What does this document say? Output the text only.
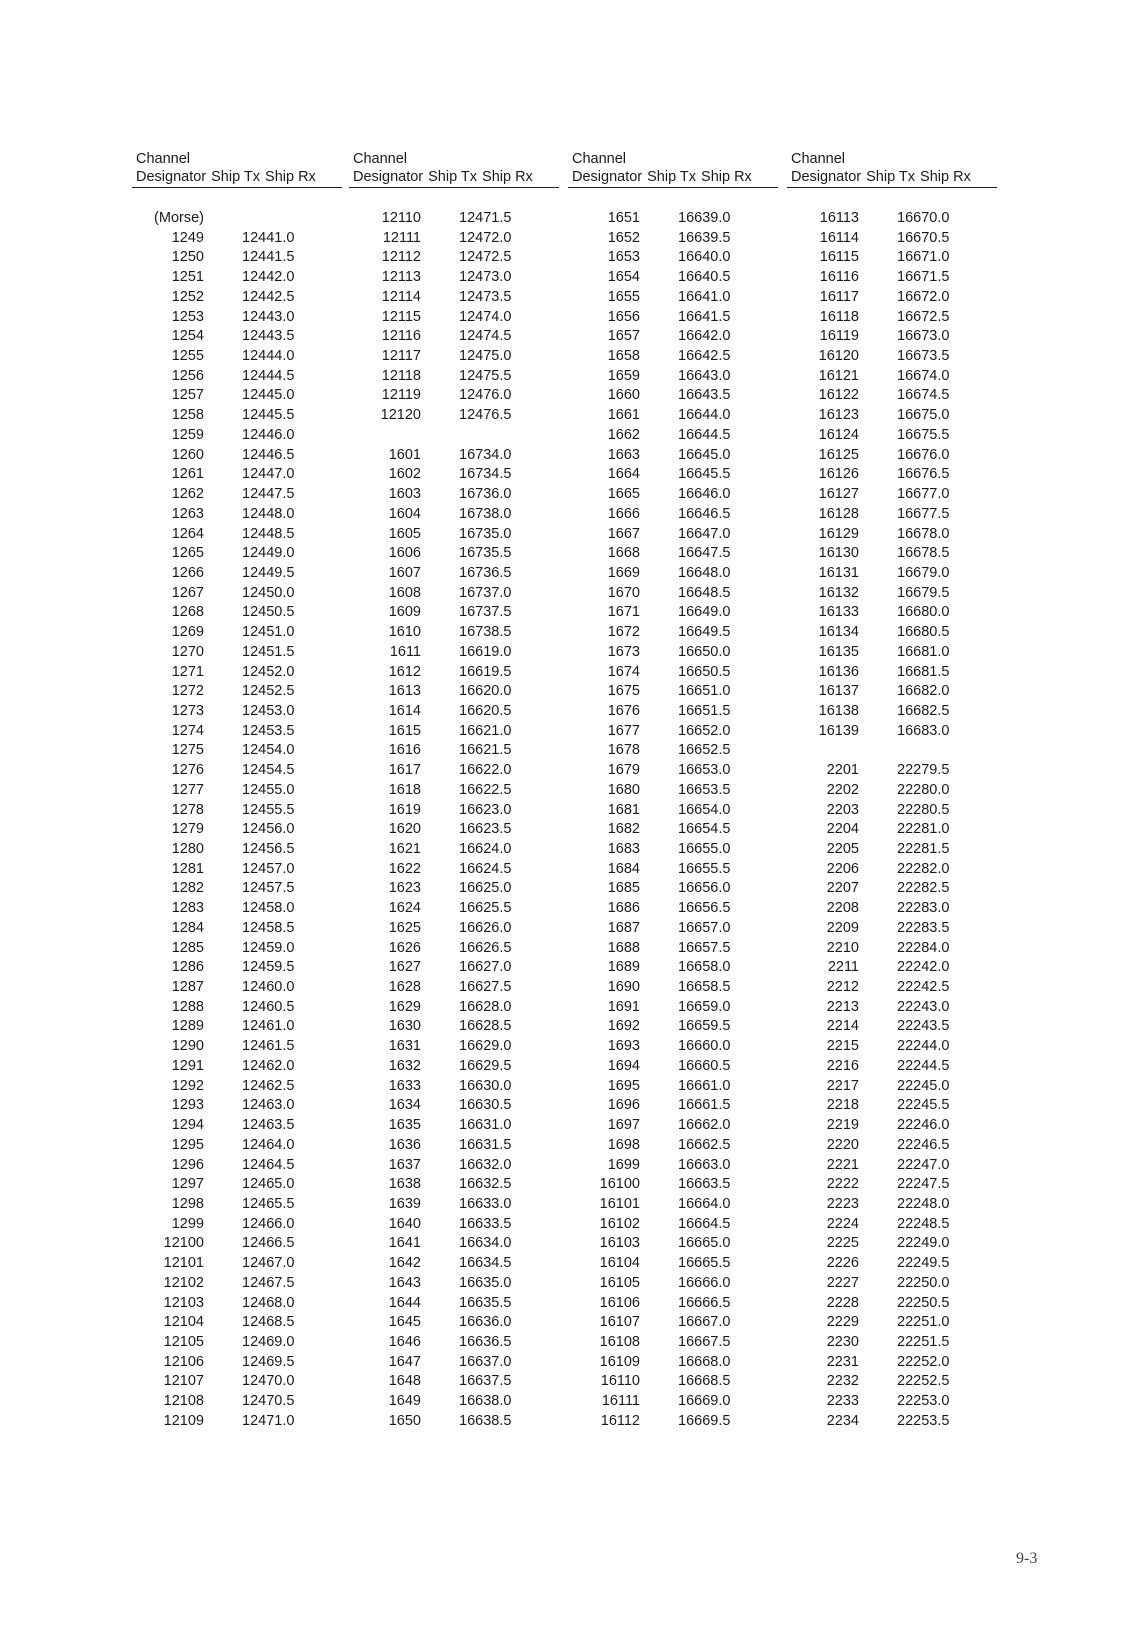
Channel
Designator Ship Tx Ship Rx
(Morse)
1249	12441.0
1250	12441.5
1251	12442.0
1252	12442.5
1253	12443.0
1254	12443.5
1255	12444.0
1256	12444.5
1257	12445.0
1258	12445.5
1259	12446.0
1260	12446.5
1261	12447.0
1262	12447.5
1263	12448.0
1264	12448.5
1265	12449.0
1266	12449.5
1267	12450.0
1268	12450.5
1269	12451.0
1270	12451.5
1271	12452.0
1272	12452.5
1273	12453.0
1274	12453.5
1275	12454.0
1276	12454.5
1277	12455.0
1278	12455.5
1279	12456.0
1280	12456.5
1281	12457.0
1282	12457.5
1283	12458.0
1284	12458.5
1285	12459.0
1286	12459.5
1287	12460.0
1288	12460.5
1289	12461.0
1290	12461.5
1291	12462.0
1292	12462.5
1293	12463.0
1294	12463.5
1295	12464.0
1296	12464.5
1297	12465.0
1298	12465.5
1299	12466.0
12100	12466.5
12101	12467.0
12102	12467.5
12103	12468.0
12104	12468.5
12105	12469.0
12106	12469.5
12107	12470.0
12108	12470.5
12109	12471.0
Channel
Designator Ship Tx Ship Rx
12110	12471.5
12111	12472.0
12112	12472.5
12113	12473.0
12114	12473.5
12115	12474.0
12116	12474.5
12117	12475.0
12118	12475.5
12119	12476.0
12120	12476.5
1601	16734.0
1602	16734.5
1603	16736.0
1604	16738.0
1605	16735.0
1606	16735.5
1607	16736.5
1608	16737.0
1609	16737.5
1610	16738.5
1611	16619.0
1612	16619.5
1613	16620.0
1614	16620.5
1615	16621.0
1616	16621.5
1617	16622.0
1618	16622.5
1619	16623.0
1620	16623.5
1621	16624.0
1622	16624.5
1623	16625.0
1624	16625.5
1625	16626.0
1626	16626.5
1627	16627.0
1628	16627.5
1629	16628.0
1630	16628.5
1631	16629.0
1632	16629.5
1633	16630.0
1634	16630.5
1635	16631.0
1636	16631.5
1637	16632.0
1638	16632.5
1639	16633.0
1640	16633.5
1641	16634.0
1642	16634.5
1643	16635.0
1644	16635.5
1645	16636.0
1646	16636.5
1647	16637.0
1648	16637.5
1649	16638.0
1650	16638.5
Channel
Designator Ship Tx Ship Rx
1651	16639.0
1652	16639.5
1653	16640.0
1654	16640.5
1655	16641.0
1656	16641.5
1657	16642.0
1658	16642.5
1659	16643.0
1660	16643.5
1661	16644.0
1662	16644.5
1663	16645.0
1664	16645.5
1665	16646.0
1666	16646.5
1667	16647.0
1668	16647.5
1669	16648.0
1670	16648.5
1671	16649.0
1672	16649.5
1673	16650.0
1674	16650.5
1675	16651.0
1676	16651.5
1677	16652.0
1678	16652.5
1679	16653.0
1680	16653.5
1681	16654.0
1682	16654.5
1683	16655.0
1684	16655.5
1685	16656.0
1686	16656.5
1687	16657.0
1688	16657.5
1689	16658.0
1690	16658.5
1691	16659.0
1692	16659.5
1693	16660.0
1694	16660.5
1695	16661.0
1696	16661.5
1697	16662.0
1698	16662.5
1699	16663.0
16100	16663.5
16101	16664.0
16102	16664.5
16103	16665.0
16104	16665.5
16105	16666.0
16106	16666.5
16107	16667.0
16108	16667.5
16109	16668.0
16110	16668.5
16111	16669.0
16112	16669.5
Channel
Designator Ship Tx Ship Rx
16113	16670.0
16114	16670.5
16115	16671.0
16116	16671.5
16117	16672.0
16118	16672.5
16119	16673.0
16120	16673.5
16121	16674.0
16122	16674.5
16123	16675.0
16124	16675.5
16125	16676.0
16126	16676.5
16127	16677.0
16128	16677.5
16129	16678.0
16130	16678.5
16131	16679.0
16132	16679.5
16133	16680.0
16134	16680.5
16135	16681.0
16136	16681.5
16137	16682.0
16138	16682.5
16139	16683.0
2201	22279.5
2202	22280.0
2203	22280.5
2204	22281.0
2205	22281.5
2206	22282.0
2207	22282.5
2208	22283.0
2209	22283.5
2210	22284.0
2211	22242.0
2212	22242.5
2213	22243.0
2214	22243.5
2215	22244.0
2216	22244.5
2217	22245.0
2218	22245.5
2219	22246.0
2220	22246.5
2221	22247.0
2222	22247.5
2223	22248.0
2224	22248.5
2225	22249.0
2226	22249.5
2227	22250.0
2228	22250.5
2229	22251.0
2230	22251.5
2231	22252.0
2232	22252.5
2233	22253.0
2234	22253.5
9-3
